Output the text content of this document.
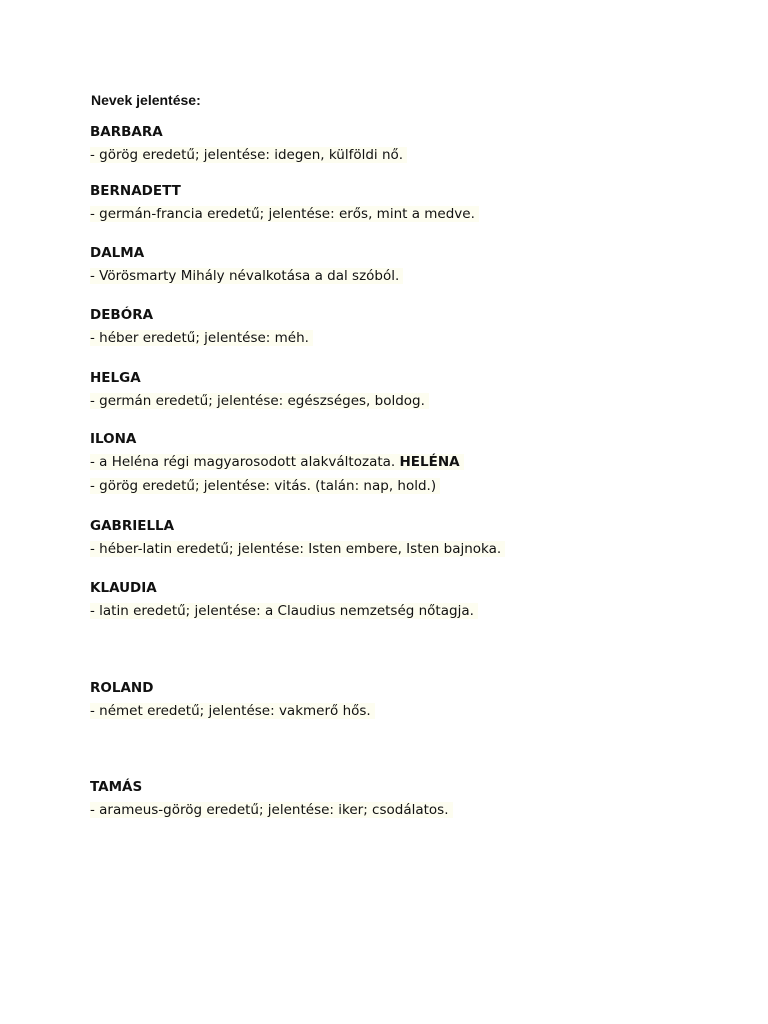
Nevek jelentése:
BARBARA
- görög eredetű; jelentése: idegen, külföldi nő.
BERNADETT
- germán-francia eredetű; jelentése: erős, mint a medve.
DALMA
- Vörösmarty Mihály névalkotása a dal szóból.
DEBÓRA
- héber eredetű; jelentése: méh.
HELGA
- germán eredetű; jelentése: egészséges, boldog.
ILONA
- a Heléna régi magyarosodott alakváltozata. HELÉNA
- görög eredetű; jelentése: vitás. (talán: nap, hold.)
GABRIELLA
- héber-latin eredetű; jelentése: Isten embere, Isten bajnoka.
KLAUDIA
- latin eredetű; jelentése: a Claudius nemzetség nőtagja.
ROLAND
- német eredetű; jelentése: vakmerő hős.
TAMÁS
- arameus-görög eredetű; jelentése: iker; csodálatos.
